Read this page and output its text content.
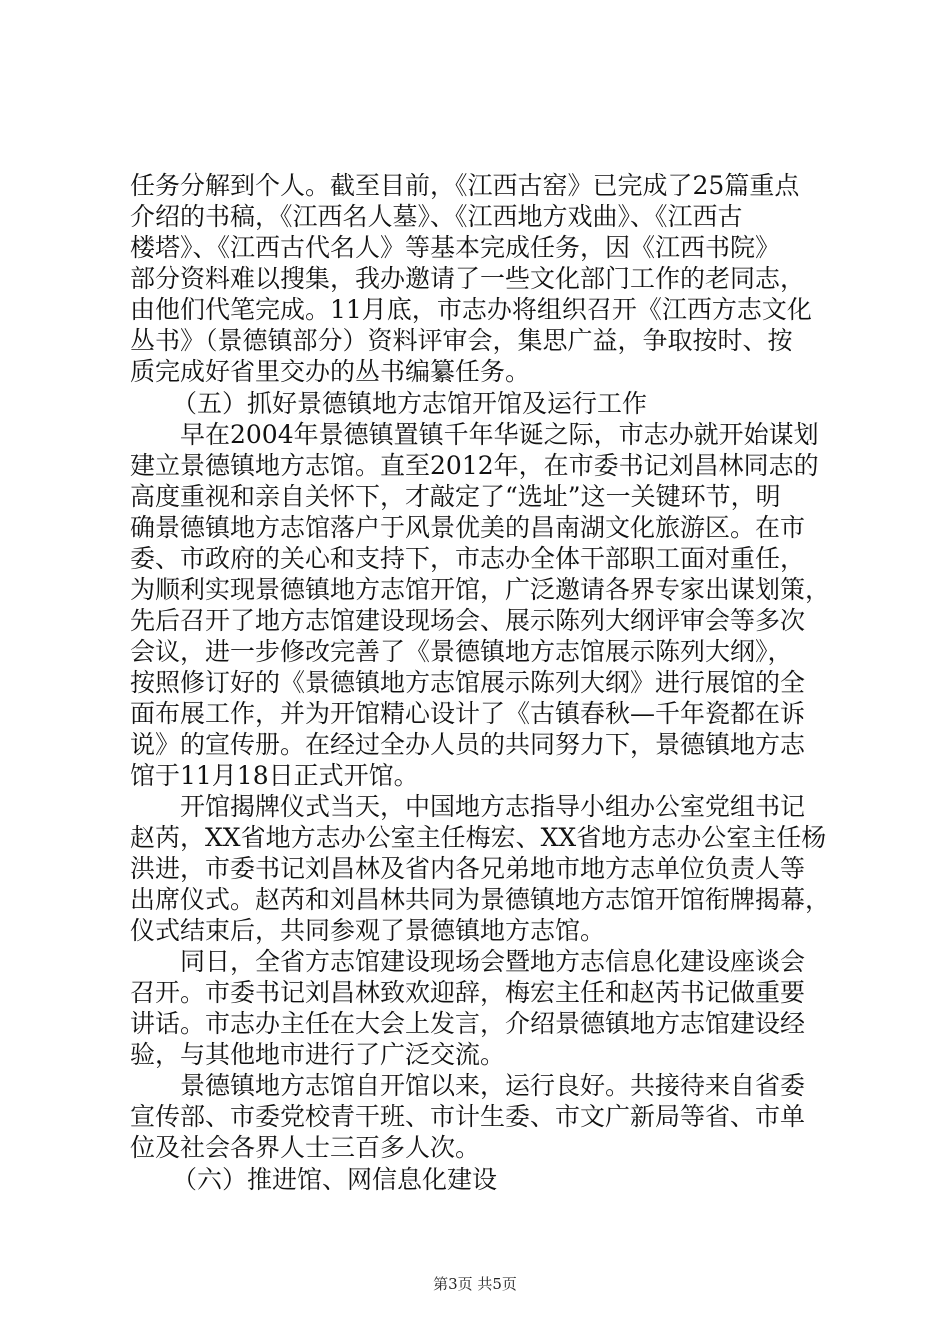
任务分解到个人。截至目前，《江西古窑》已完成了25篇重点
介绍的书稿，《江西名人墓》、《江西地方戏曲》、《江西古
楼塔》、《江西古代名人》等基本完成任务，因《江西书院》
部分资料难以搜集，我办邀请了一些文化部门工作的老同志，
由他们代笔完成。11月底，市志办将组织召开《江西方志文化
丛书》（景德镇部分）资料评审会，集思广益，争取按时、按
质完成好省里交办的丛书编纂任务。
（五）抓好景德镇地方志馆开馆及运行工作
早在2004年景德镇置镇千年华诞之际，市志办就开始谋划
建立景德镇地方志馆。直至2012年，在市委书记刘昌林同志的
高度重视和亲自关怀下，才敲定了“选址”这一关键环节，明
确景德镇地方志馆落户于风景优美的昌南湖文化旅游区。在市
委、市政府的关心和支持下，市志办全体干部职工面对重任，
为顺利实现景德镇地方志馆开馆，广泛邀请各界专家出谋划策，
先后召开了地方志馆建设现场会、展示陈列大纲评审会等多次
会议，进一步修改完善了《景德镇地方志馆展示陈列大纲》，
按照修订好的《景德镇地方志馆展示陈列大纲》进行展馆的全
面布展工作，并为开馆精心设计了《古镇春秋—千年瓷都在诉
说》的宣传册。在经过全办人员的共同努力下，景德镇地方志
馆于11月18日正式开馆。
开馆揭牌仪式当天，中国地方志指导小组办公室党组书记
赵芮，XX省地方志办公室主任梅宏、XX省地方志办公室主任杨
洪进，市委书记刘昌林及省内各兄弟地市地方志单位负责人等
出席仪式。赵芮和刘昌林共同为景德镇地方志馆开馆衔牌揭幕，
仪式结束后，共同参观了景德镇地方志馆。
同日，全省方志馆建设现场会暨地方志信息化建设座谈会
召开。市委书记刘昌林致欢迎辞，梅宏主任和赵芮书记做重要
讲话。市志办主任在大会上发言，介绍景德镇地方志馆建设经
验，与其他地市进行了广泛交流。
景德镇地方志馆自开馆以来，运行良好。共接待来自省委
宣传部、市委党校青干班、市计生委、市文广新局等省、市单
位及社会各界人士三百多人次。
（六）推进馆、网信息化建设
第3页 共5页
